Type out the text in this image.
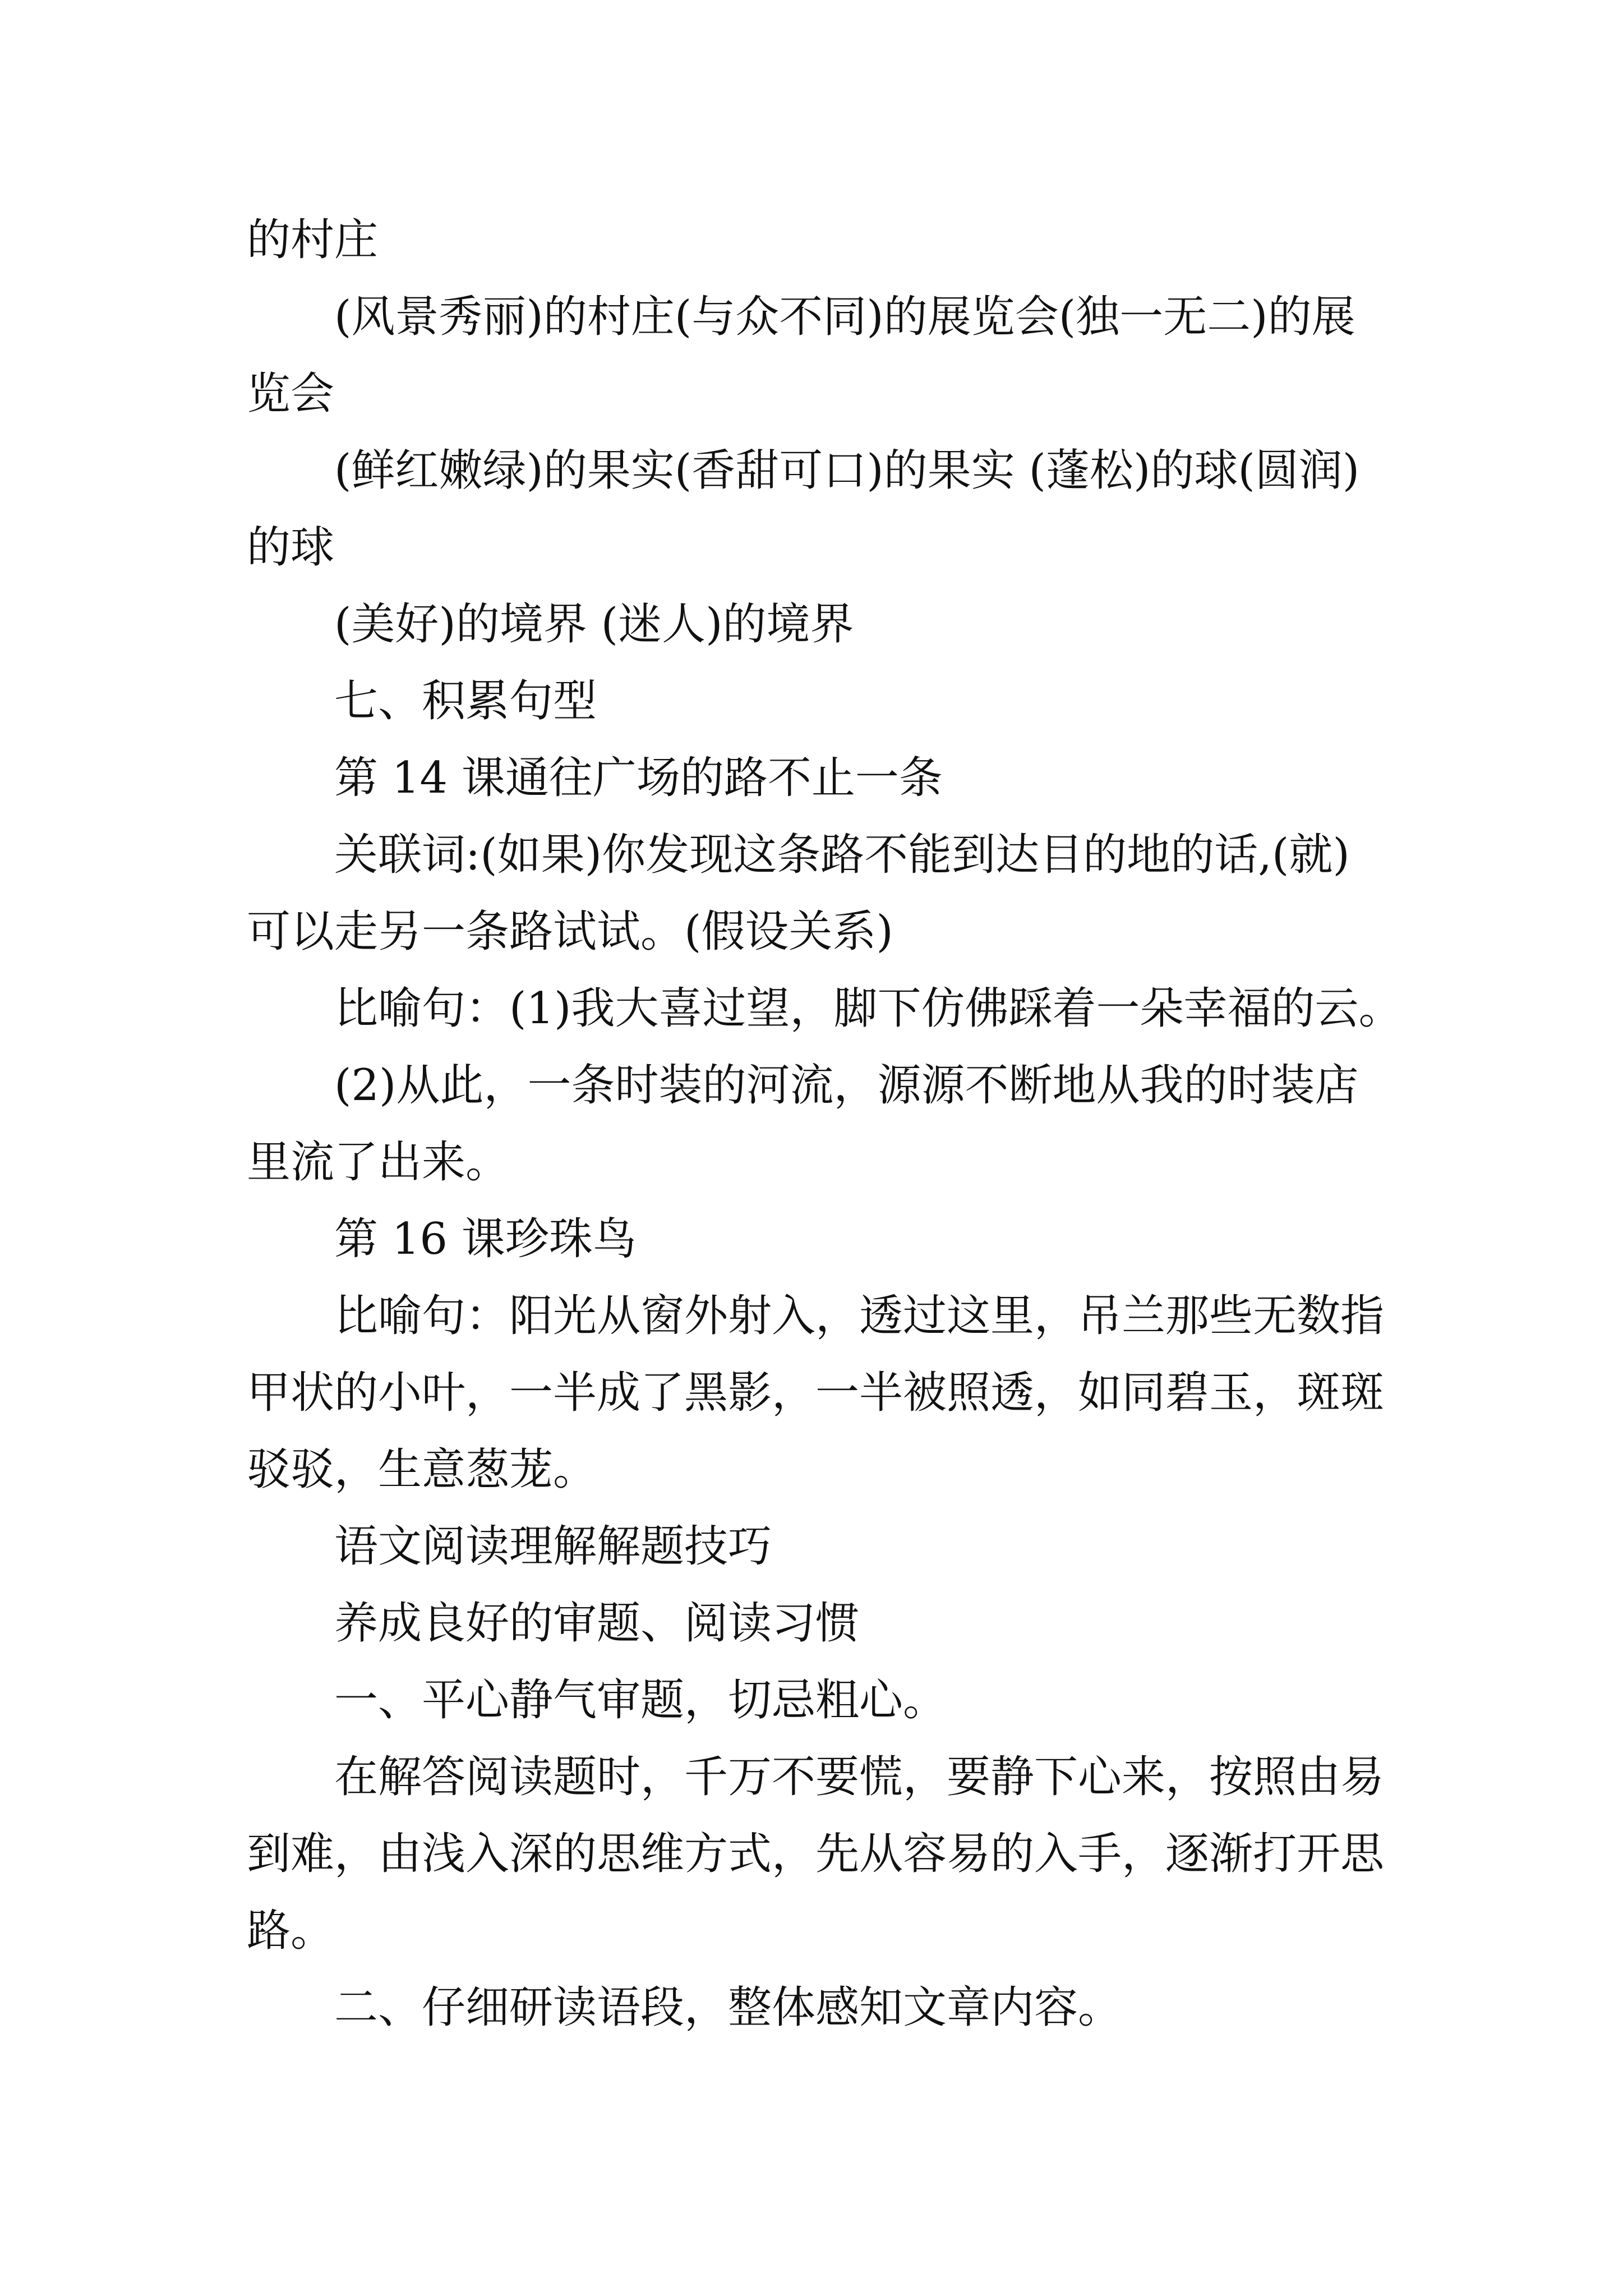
的村庄
(风景秀丽)的村庄(与众不同)的展览会(独一无二)的展
览会
(鲜红嫩绿)的果实(香甜可口)的果实 (蓬松)的球(圆润)
的球
(美好)的境界 (迷人)的境界
七、积累句型
第 14 课通往广场的路不止一条
关联词:(如果)你发现这条路不能到达目的地的话,(就)
可以走另一条路试试。(假设关系)
比喻句：(1)我大喜过望，脚下仿佛踩着一朵幸福的云。
(2)从此，一条时装的河流，源源不断地从我的时装店
里流了出来。
第 16 课珍珠鸟
比喻句：阳光从窗外射入，透过这里，吊兰那些无数指
甲状的小叶，一半成了黑影，一半被照透，如同碧玉，斑斑
驳驳，生意葱茏。
语文阅读理解解题技巧
养成良好的审题、阅读习惯
一、平心静气审题，切忌粗心。
在解答阅读题时，千万不要慌，要静下心来，按照由易
到难，由浅入深的思维方式，先从容易的入手，逐渐打开思
路。
二、仔细研读语段，整体感知文章内容。
